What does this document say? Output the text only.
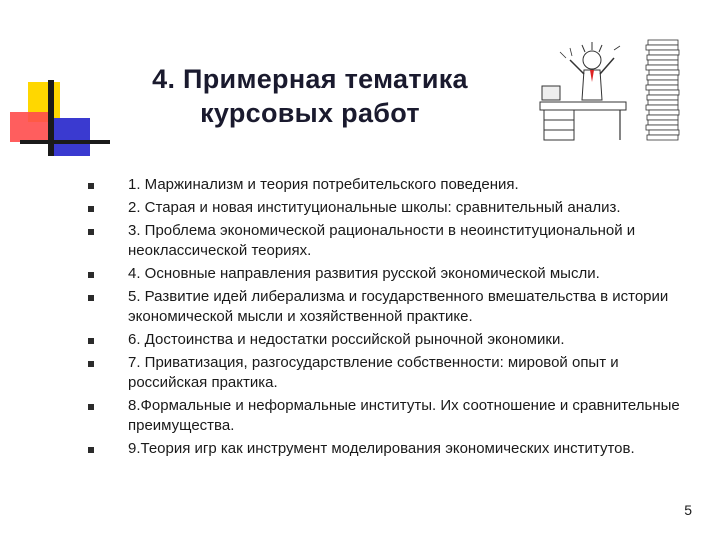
4. Примерная тематика
курсовых работ
1. Маржинализм и теория потребительского поведения.
2. Старая и новая институциональные школы: сравнительный анализ.
3. Проблема экономической рациональности в неоинституциональной и неоклассической теориях.
4. Основные направления развития русской экономической мысли.
5. Развитие идей либерализма и государственного вмешательства в истории экономической мысли и хозяйственной практике.
6. Достоинства и недостатки российской рыночной экономики.
7. Приватизация, разгосударствление собственности: мировой опыт и российская практика.
8.Формальные и неформальные институты. Их соотношение и сравнительные преимущества.
9.Теория игр как инструмент моделирования экономических институтов.
5
